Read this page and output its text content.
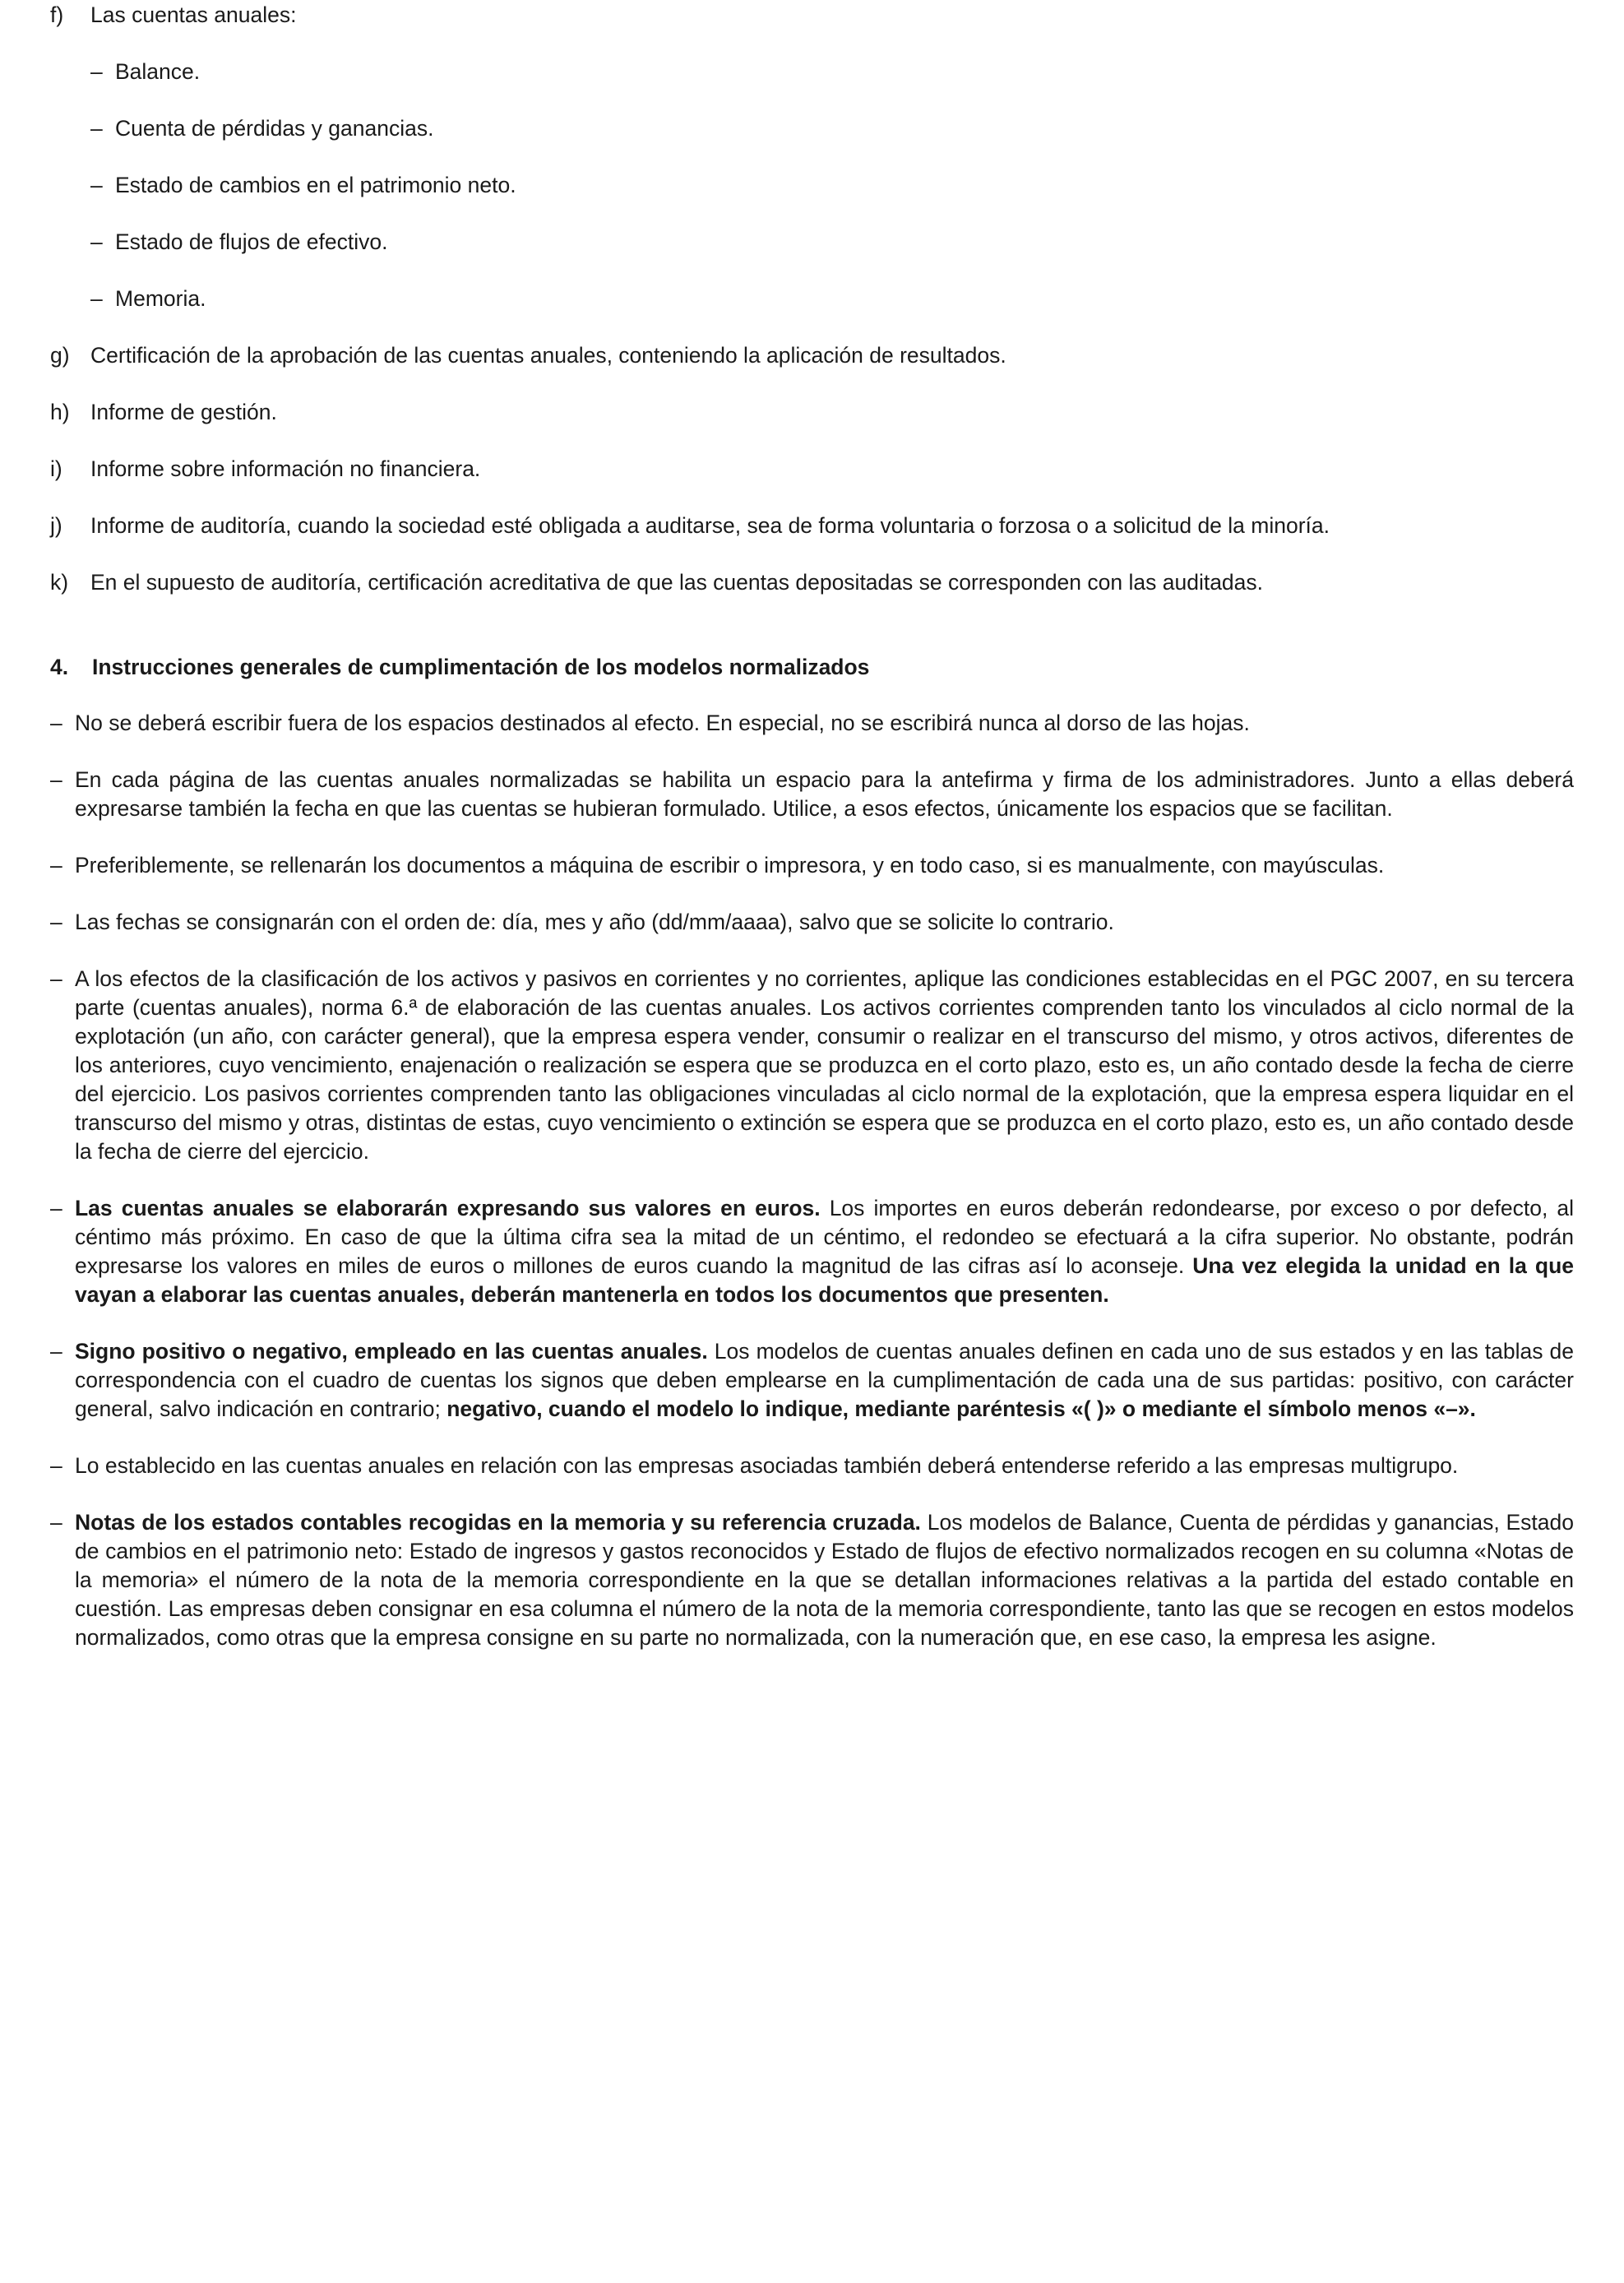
f)	Las cuentas anuales:
– Balance.
– Cuenta de pérdidas y ganancias.
– Estado de cambios en el patrimonio neto.
– Estado de flujos de efectivo.
– Memoria.
g) Certificación de la aprobación de las cuentas anuales, conteniendo la aplicación de resultados.
h) Informe de gestión.
i)	Informe sobre información no financiera.
j)	Informe de auditoría, cuando la sociedad esté obligada a auditarse, sea de forma voluntaria o forzosa o a solicitud de la minoría.
k)	En el supuesto de auditoría, certificación acreditativa de que las cuentas depositadas se corresponden con las auditadas.
4.	Instrucciones generales de cumplimentación de los modelos normalizados
– No se deberá escribir fuera de los espacios destinados al efecto. En especial, no se escribirá nunca al dorso de las hojas.
– En cada página de las cuentas anuales normalizadas se habilita un espacio para la antefirma y firma de los administradores. Junto a ellas deberá expresarse también la fecha en que las cuentas se hubieran formulado. Utilice, a esos efectos, únicamente los espacios que se facilitan.
– Preferiblemente, se rellenarán los documentos a máquina de escribir o impresora, y en todo caso, si es manualmente, con mayúsculas.
– Las fechas se consignarán con el orden de: día, mes y año (dd/mm/aaaa), salvo que se solicite lo contrario.
– A los efectos de la clasificación de los activos y pasivos en corrientes y no corrientes, aplique las condiciones establecidas en el PGC 2007, en su tercera parte (cuentas anuales), norma 6.ª de elaboración de las cuentas anuales. Los activos corrientes comprenden tanto los vinculados al ciclo normal de la explotación (un año, con carácter general), que la empresa espera vender, consumir o realizar en el transcurso del mismo, y otros activos, diferentes de los anteriores, cuyo vencimiento, enajenación o realización se espera que se produzca en el corto plazo, esto es, un año contado desde la fecha de cierre del ejercicio. Los pasivos corrientes comprenden tanto las obligaciones vinculadas al ciclo normal de la explotación, que la empresa espera liquidar en el transcurso del mismo y otras, distintas de estas, cuyo vencimiento o extinción se espera que se produzca en el corto plazo, esto es, un año contado desde la fecha de cierre del ejercicio.
– Las cuentas anuales se elaborarán expresando sus valores en euros. Los importes en euros deberán redondearse, por exceso o por defecto, al céntimo más próximo. En caso de que la última cifra sea la mitad de un céntimo, el redondeo se efectuará a la cifra superior. No obstante, podrán expresarse los valores en miles de euros o millones de euros cuando la magnitud de las cifras así lo aconseje. Una vez elegida la unidad en la que vayan a elaborar las cuentas anuales, deberán mantenerla en todos los documentos que presenten.
– Signo positivo o negativo, empleado en las cuentas anuales. Los modelos de cuentas anuales definen en cada uno de sus estados y en las tablas de correspondencia con el cuadro de cuentas los signos que deben emplearse en la cumplimentación de cada una de sus partidas: positivo, con carácter general, salvo indicación en contrario; negativo, cuando el modelo lo indique, mediante paréntesis «( )» o mediante el símbolo menos «–».
– Lo establecido en las cuentas anuales en relación con las empresas asociadas también deberá entenderse referido a las empresas multigrupo.
– Notas de los estados contables recogidas en la memoria y su referencia cruzada. Los modelos de Balance, Cuenta de pérdidas y ganancias, Estado de cambios en el patrimonio neto: Estado de ingresos y gastos reconocidos y Estado de flujos de efectivo normalizados recogen en su columna «Notas de la memoria» el número de la nota de la memoria correspondiente en la que se detallan informaciones relativas a la partida del estado contable en cuestión. Las empresas deben consignar en esa columna el número de la nota de la memoria correspondiente, tanto las que se recogen en estos modelos normalizados, como otras que la empresa consigne en su parte no normalizada, con la numeración que, en ese caso, la empresa les asigne.
